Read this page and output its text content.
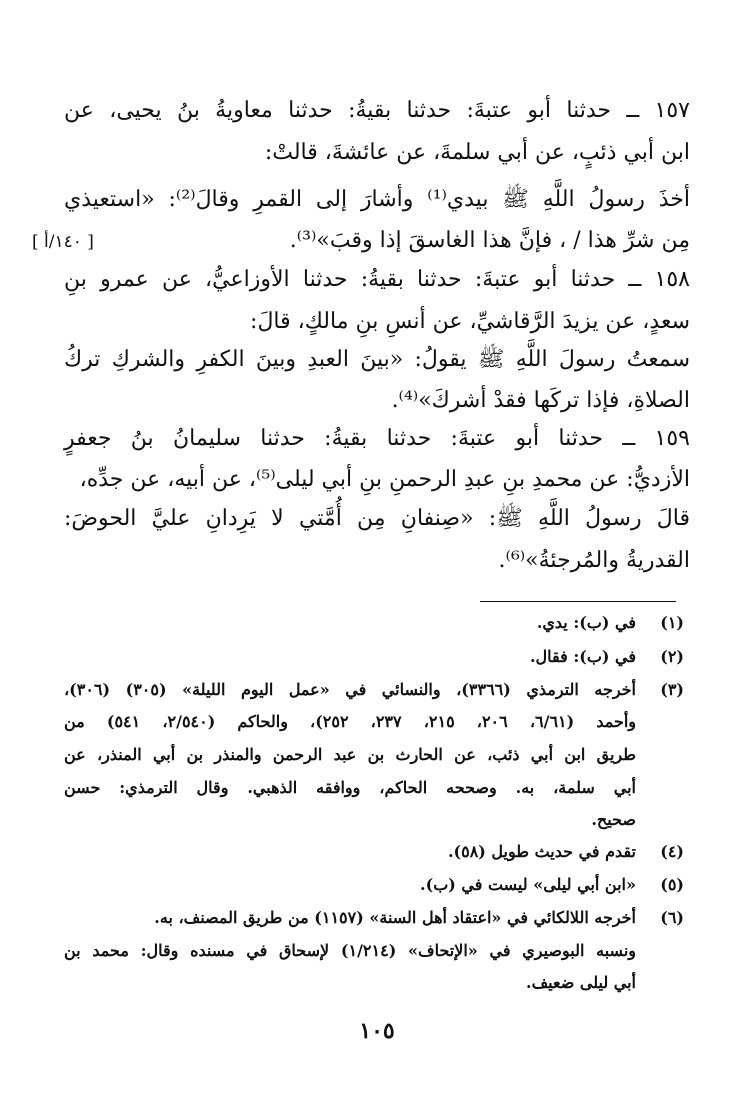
[ ١٤٠/أ ]
١٥٧ ــ حدثنا أبو عتبةَ: حدثنا بقيةُ: حدثنا معاويةُ بنُ يحيى، عن
ابن أبي ذئبٍ، عن أبي سلمةَ، عن عائشةَ، قالتْ:
أخذَ رسولُ اللَّهِ ﷺ بيدي⁽¹⁾ وأشارَ إلى القمرِ وقالَ⁽²⁾: «استعيذي
مِن شرِّ هذا / ، فإنَّ هذا الغاسقَ إذا وقبَ»⁽³⁾.
١٥٨ ــ حدثنا أبو عتبةَ: حدثنا بقيةُ: حدثنا الأوزاعيُّ، عن عمرو بنِ
سعدٍ، عن يزيدَ الرَّقاشيِّ، عن أنسِ بنِ مالكٍ، قالَ:
سمعتُ رسولَ اللَّهِ ﷺ يقولُ: «بينَ العبدِ وبينَ الكفرِ والشركِ تركُ
الصلاةِ، فإذا تركَها فقدْ أشركَ»⁽⁴⁾.
١٥٩ ــ حدثنا أبو عتبةَ: حدثنا بقيةُ: حدثنا سليمانُ بنُ جعفرٍ
الأزديُّ: عن محمدِ بنِ عبدِ الرحمنِ بنِ أبي ليلى⁽⁵⁾، عن أبيه، عن جدِّه،
قالَ رسولُ اللَّهِ ﷺ: «صِنفانِ مِن أُمَّتي لا يَرِدانِ عليَّ الحوضَ:
القدريةُ والمُرجئةُ»⁽⁶⁾.
(١)
في (ب): يدي.
(٢)
في (ب): فقال.
(٣)
أخرجه الترمذي (٣٣٦٦)، والنسائي في «عمل اليوم الليلة» (٣٠٥) (٣٠٦)،
وأحمد (٦/٦١، ٢٠٦، ٢١٥، ٢٣٧، ٢٥٢)، والحاكم (٢/٥٤٠، ٥٤١) من
طريق ابن أبي ذئب، عن الحارث بن عبد الرحمن والمنذر بن أبي المنذر، عن
أبي سلمة، به. وصححه الحاكم، ووافقه الذهبي. وقال الترمذي: حسن
صحيح.
(٤)
تقدم في حديث طويل (٥٨).
(٥)
«ابن أبي ليلى» ليست في (ب).
(٦)
أخرجه اللالكائي في «اعتقاد أهل السنة» (١١٥٧) من طريق المصنف، به.
ونسبه البوصيري في «الإتحاف» (١/٢١٤) لإسحاق في مسنده وقال: محمد بن
أبي ليلى ضعيف.
١٠٥
